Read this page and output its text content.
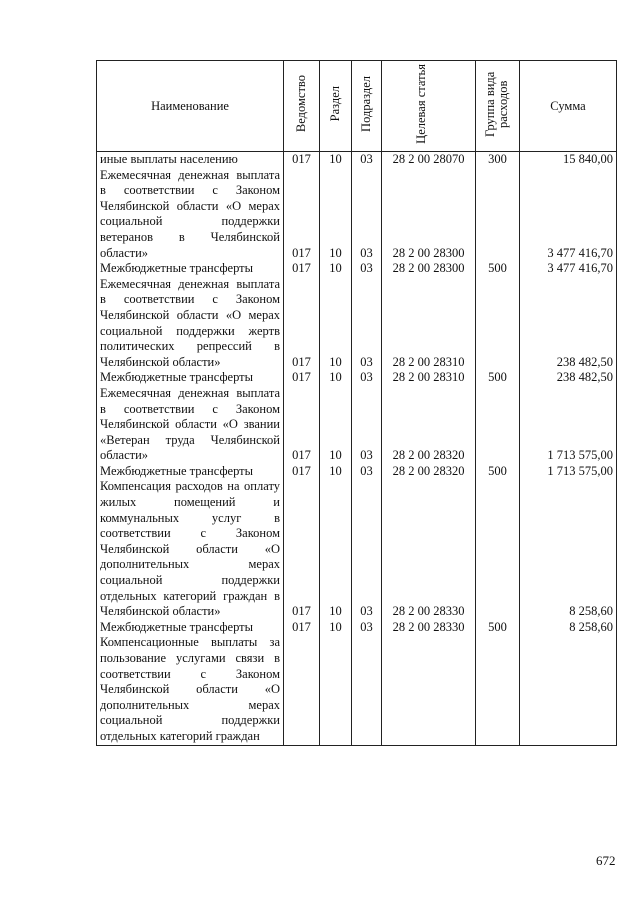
Наименование	Ведомство	Раздел	Подраздел	Целевая статья	Группа вида расходов	Сумма
иные выплаты населению	017	10	03	28 2 00 28070	300	15 840,00
Ежемесячная денежная выплата в соответствии с Законом Челябинской области «О мерах социальной поддержки ветеранов в Челябинской области»	017	10	03	28 2 00 28300		3 477 416,70
Межбюджетные трансферты	017	10	03	28 2 00 28300	500	3 477 416,70
Ежемесячная денежная выплата в соответствии с Законом Челябинской области «О мерах социальной поддержки жертв политических репрессий в Челябинской области»	017	10	03	28 2 00 28310		238 482,50
Межбюджетные трансферты	017	10	03	28 2 00 28310	500	238 482,50
Ежемесячная денежная выплата в соответствии с Законом Челябинской области «О звании «Ветеран труда Челябинской области»	017	10	03	28 2 00 28320		1 713 575,00
Межбюджетные трансферты	017	10	03	28 2 00 28320	500	1 713 575,00
Компенсация расходов на оплату жилых помещений и коммунальных услуг в соответствии с Законом Челябинской области «О дополнительных мерах социальной поддержки отдельных категорий граждан в Челябинской области»	017	10	03	28 2 00 28330		8 258,60
Межбюджетные трансферты	017	10	03	28 2 00 28330	500	8 258,60
Компенсационные выплаты за пользование услугами связи в соответствии с Законом Челябинской области «О дополнительных мерах социальной поддержки отдельных категорий граждан						
672
